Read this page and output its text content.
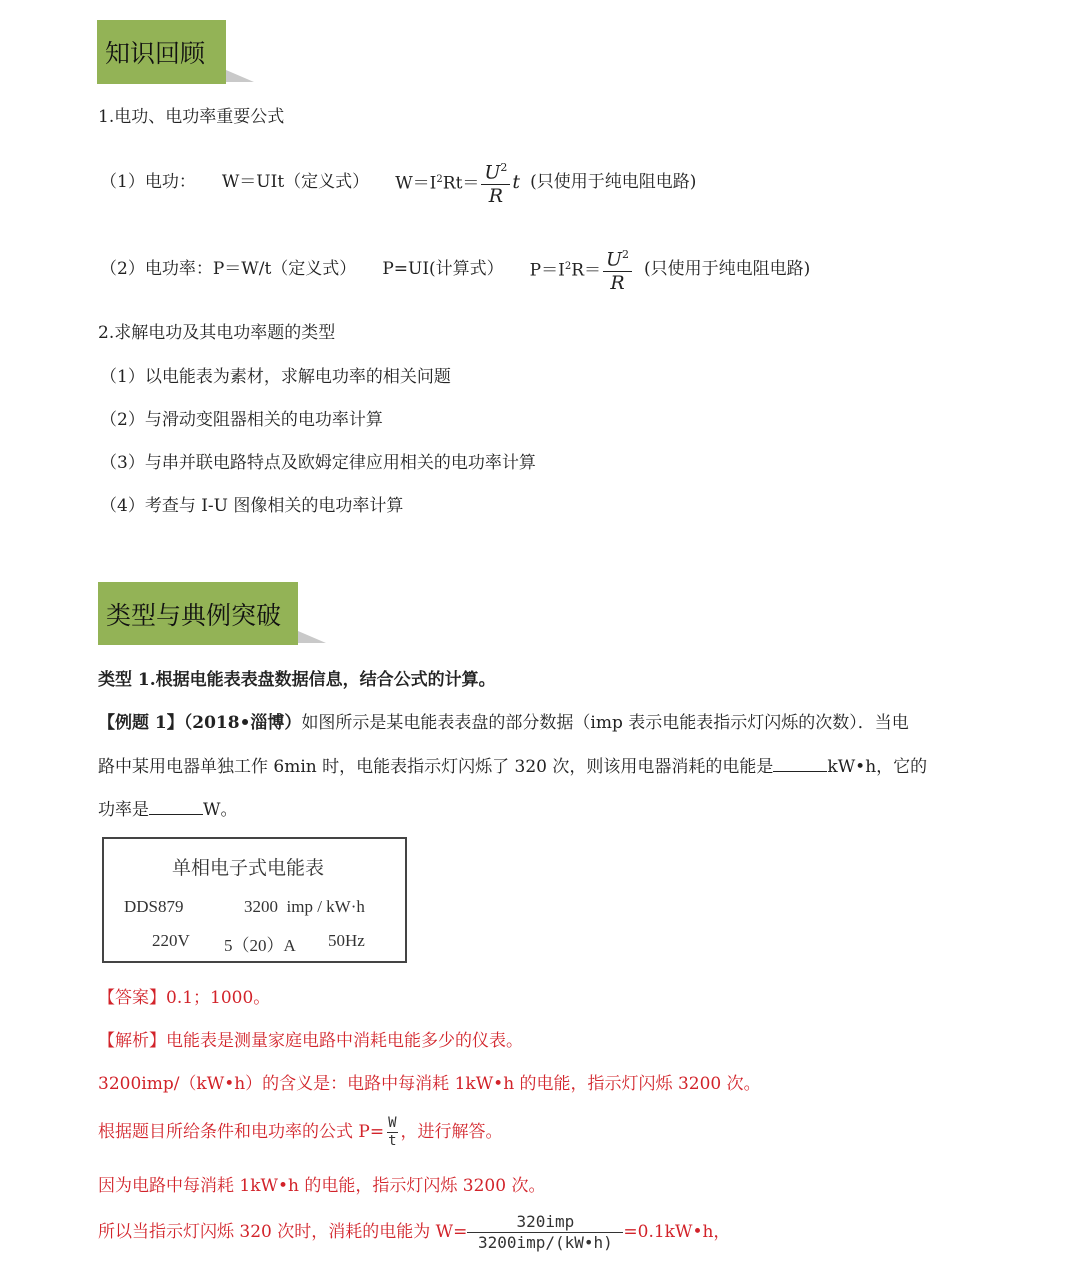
知识回顾
1.电功、电功率重要公式
（1）电功： W＝UIt（定义式） $W=I^2Rt= \frac{U^2}{R}$ t (只使用于纯电阻电路)
（2）电功率： P＝W/t（定义式） P=UI(计算式） $P=I^2R= \frac{U^2}{R}$ (只使用于纯电阻电路)
2.求解电功及其电功率题的类型
（1）以电能表为素材，求解电功率的相关问题
（2）与滑动变阻器相关的电功率计算
（3）与串并联电路特点及欧姆定律应用相关的电功率计算
（4）考查与 I-U 图像相关的电功率计算
类型与典例突破
类型 1.根据电能表表盘数据信息，结合公式的计算。
【例题 1】（2018•淄博）如图所示是某电能表表盘的部分数据（imp 表示电能表指示灯闪烁的次数）．当电
路中某用电器单独工作 6min 时，电能表指示灯闪烁了 320 次，则该用电器消耗的电能是	kW•h，它的
功率是	W。
单相电子式电能表
DDS879	3200  imp / kW·h
220V 5（20）A 50Hz
【答案】0.1；1000。
【解析】电能表是测量家庭电路中消耗电能多少的仪表。
3200imp/（kW•h）的含义是：电路中每消耗 1kW•h 的电能，指示灯闪烁 3200 次。
根据题目所给条件和电功率的公式 $P= \frac{W}{t}$ ，进行解答。
因为电路中每消耗 1kW•h 的电能，指示灯闪烁 3200 次。
所以当指示灯闪烁 320 次时，消耗的电能为 $W= \frac{\text{320imp}}{\text{3200imp/(kW•h)}}$ =0.1kW•h，
